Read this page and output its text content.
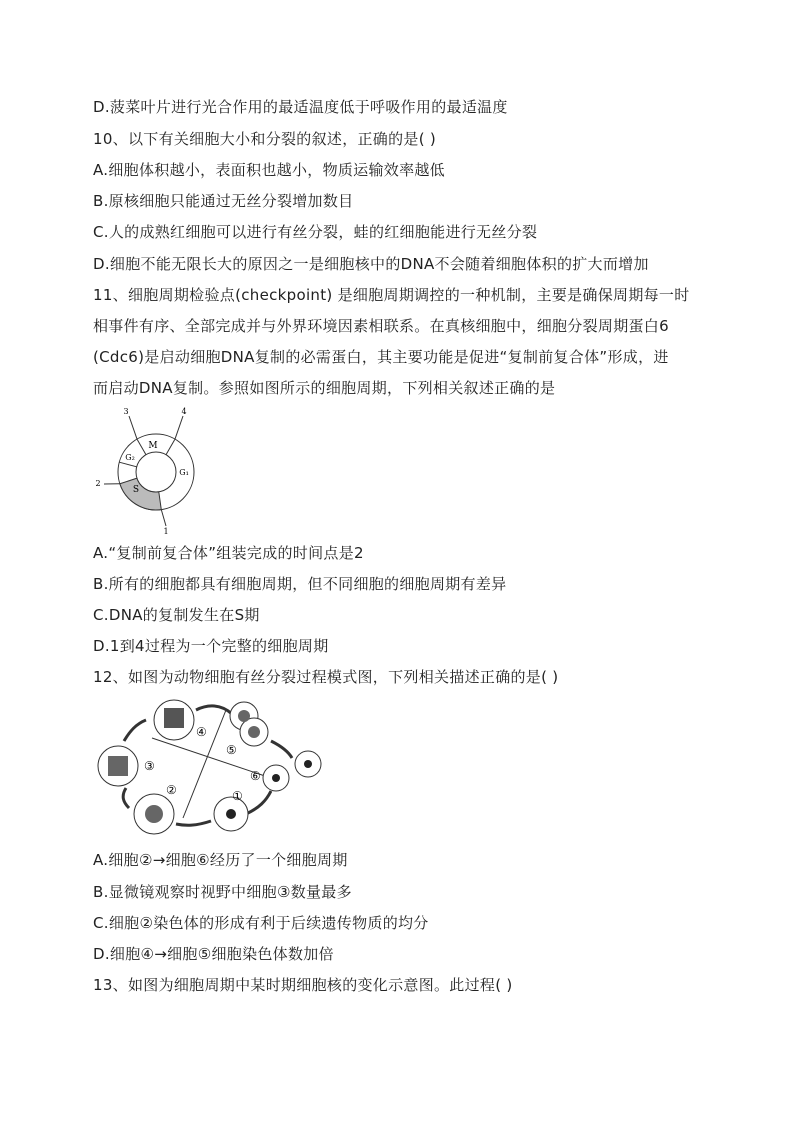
D.菠菜叶片进行光合作用的最适温度低于呼吸作用的最适温度
10、以下有关细胞大小和分裂的叙述，正确的是( )
A.细胞体积越小，表面积也越小，物质运输效率越低
B.原核细胞只能通过无丝分裂增加数目
C.人的成熟红细胞可以进行有丝分裂，蛙的红细胞能进行无丝分裂
D.细胞不能无限长大的原因之一是细胞核中的DNA不会随着细胞体积的扩大而增加
11、细胞周期检验点(checkpoint) 是细胞周期调控的一种机制，主要是确保周期每一时
相事件有序、全部完成并与外界环境因素相联系。在真核细胞中，细胞分裂周期蛋白6
(Cdc6)是启动细胞DNA复制的必需蛋白，其主要功能是促进“复制前复合体”形成，进
而启动DNA复制。参照如图所示的细胞周期，下列相关叙述正确的是
M
G₁
G₂
S
3	4
2
1
A.“复制前复合体”组装完成的时间点是2
B.所有的细胞都具有细胞周期，但不同细胞的细胞周期有差异
C.DNA的复制发生在S期
D.1到4过程为一个完整的细胞周期
12、如图为动物细胞有丝分裂过程模式图，下列相关描述正确的是( )
④
⑤
⑥
①
②
③
A.细胞②→细胞⑥经历了一个细胞周期
B.显微镜观察时视野中细胞③数量最多
C.细胞②染色体的形成有利于后续遗传物质的均分
D.细胞④→细胞⑤细胞染色体数加倍
13、如图为细胞周期中某时期细胞核的变化示意图。此过程( )
